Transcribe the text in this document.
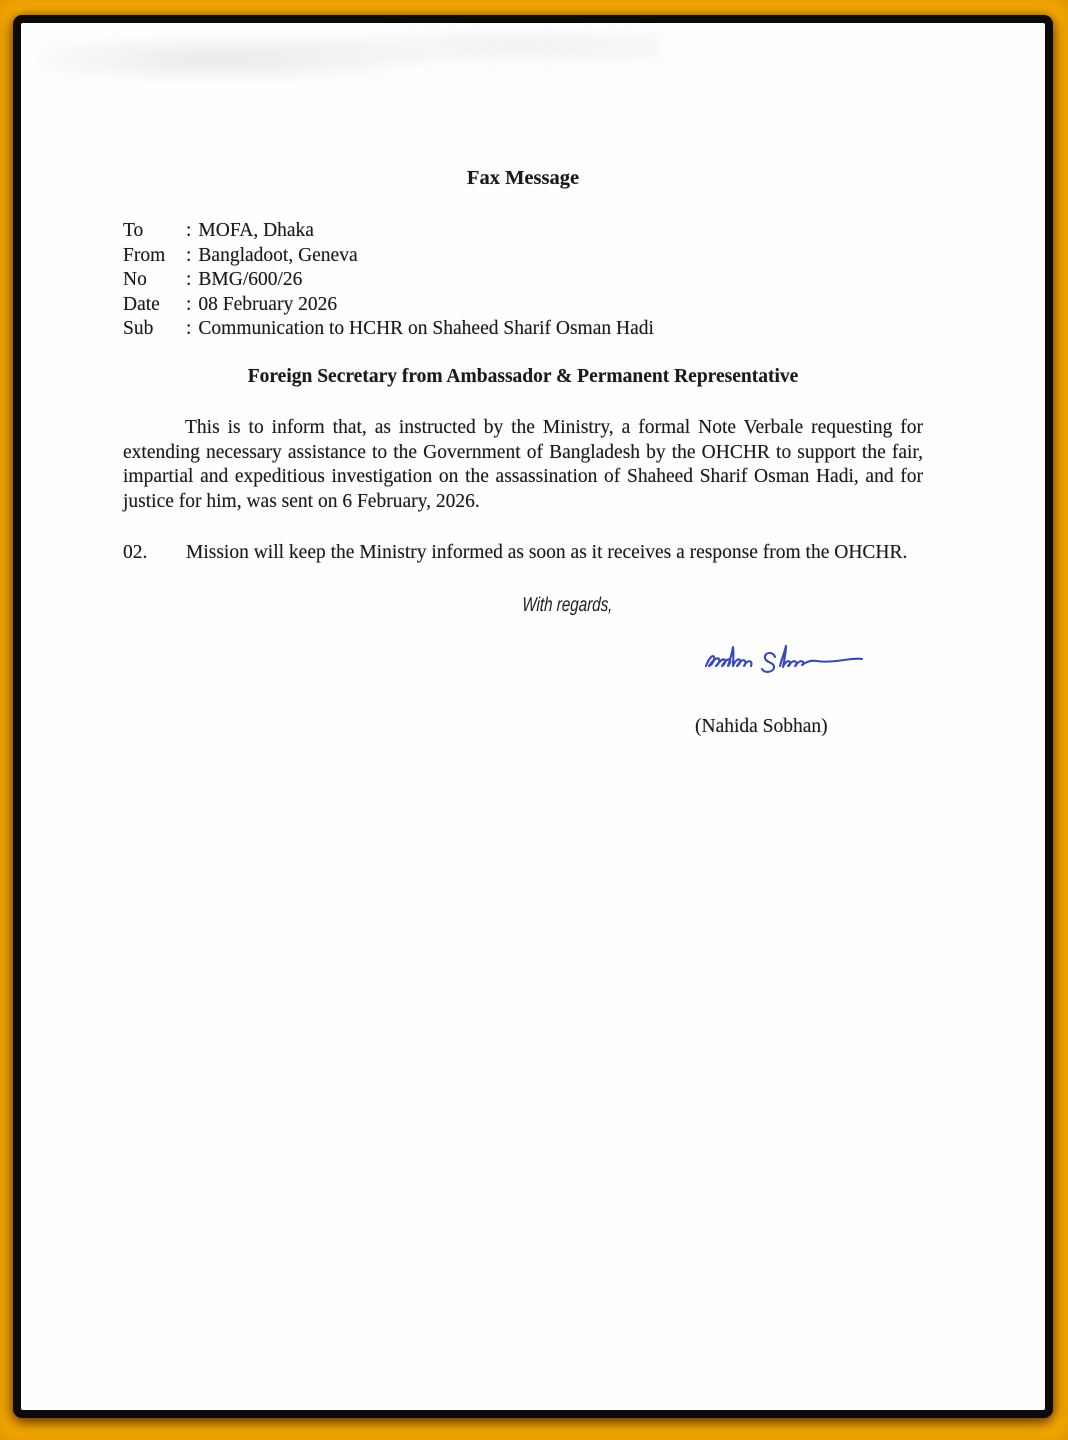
Fax Message
To : MOFA, Dhaka
From : Bangladoot, Geneva
No : BMG/600/26
Date : 08 February 2026
Sub : Communication to HCHR on Shaheed Sharif Osman Hadi
Foreign Secretary from Ambassador & Permanent Representative

This is to inform that, as instructed by the Ministry, a formal Note Verbale requesting for extending necessary assistance to the Government of Bangladesh by the OHCHR to support the fair, impartial and expeditious investigation on the assassination of Shaheed Sharif Osman Hadi, and for justice for him, was sent on 6 February, 2026.

02. Mission will keep the Ministry informed as soon as it receives a response from the OHCHR.

With regards,
(Nahida Sobhan)
